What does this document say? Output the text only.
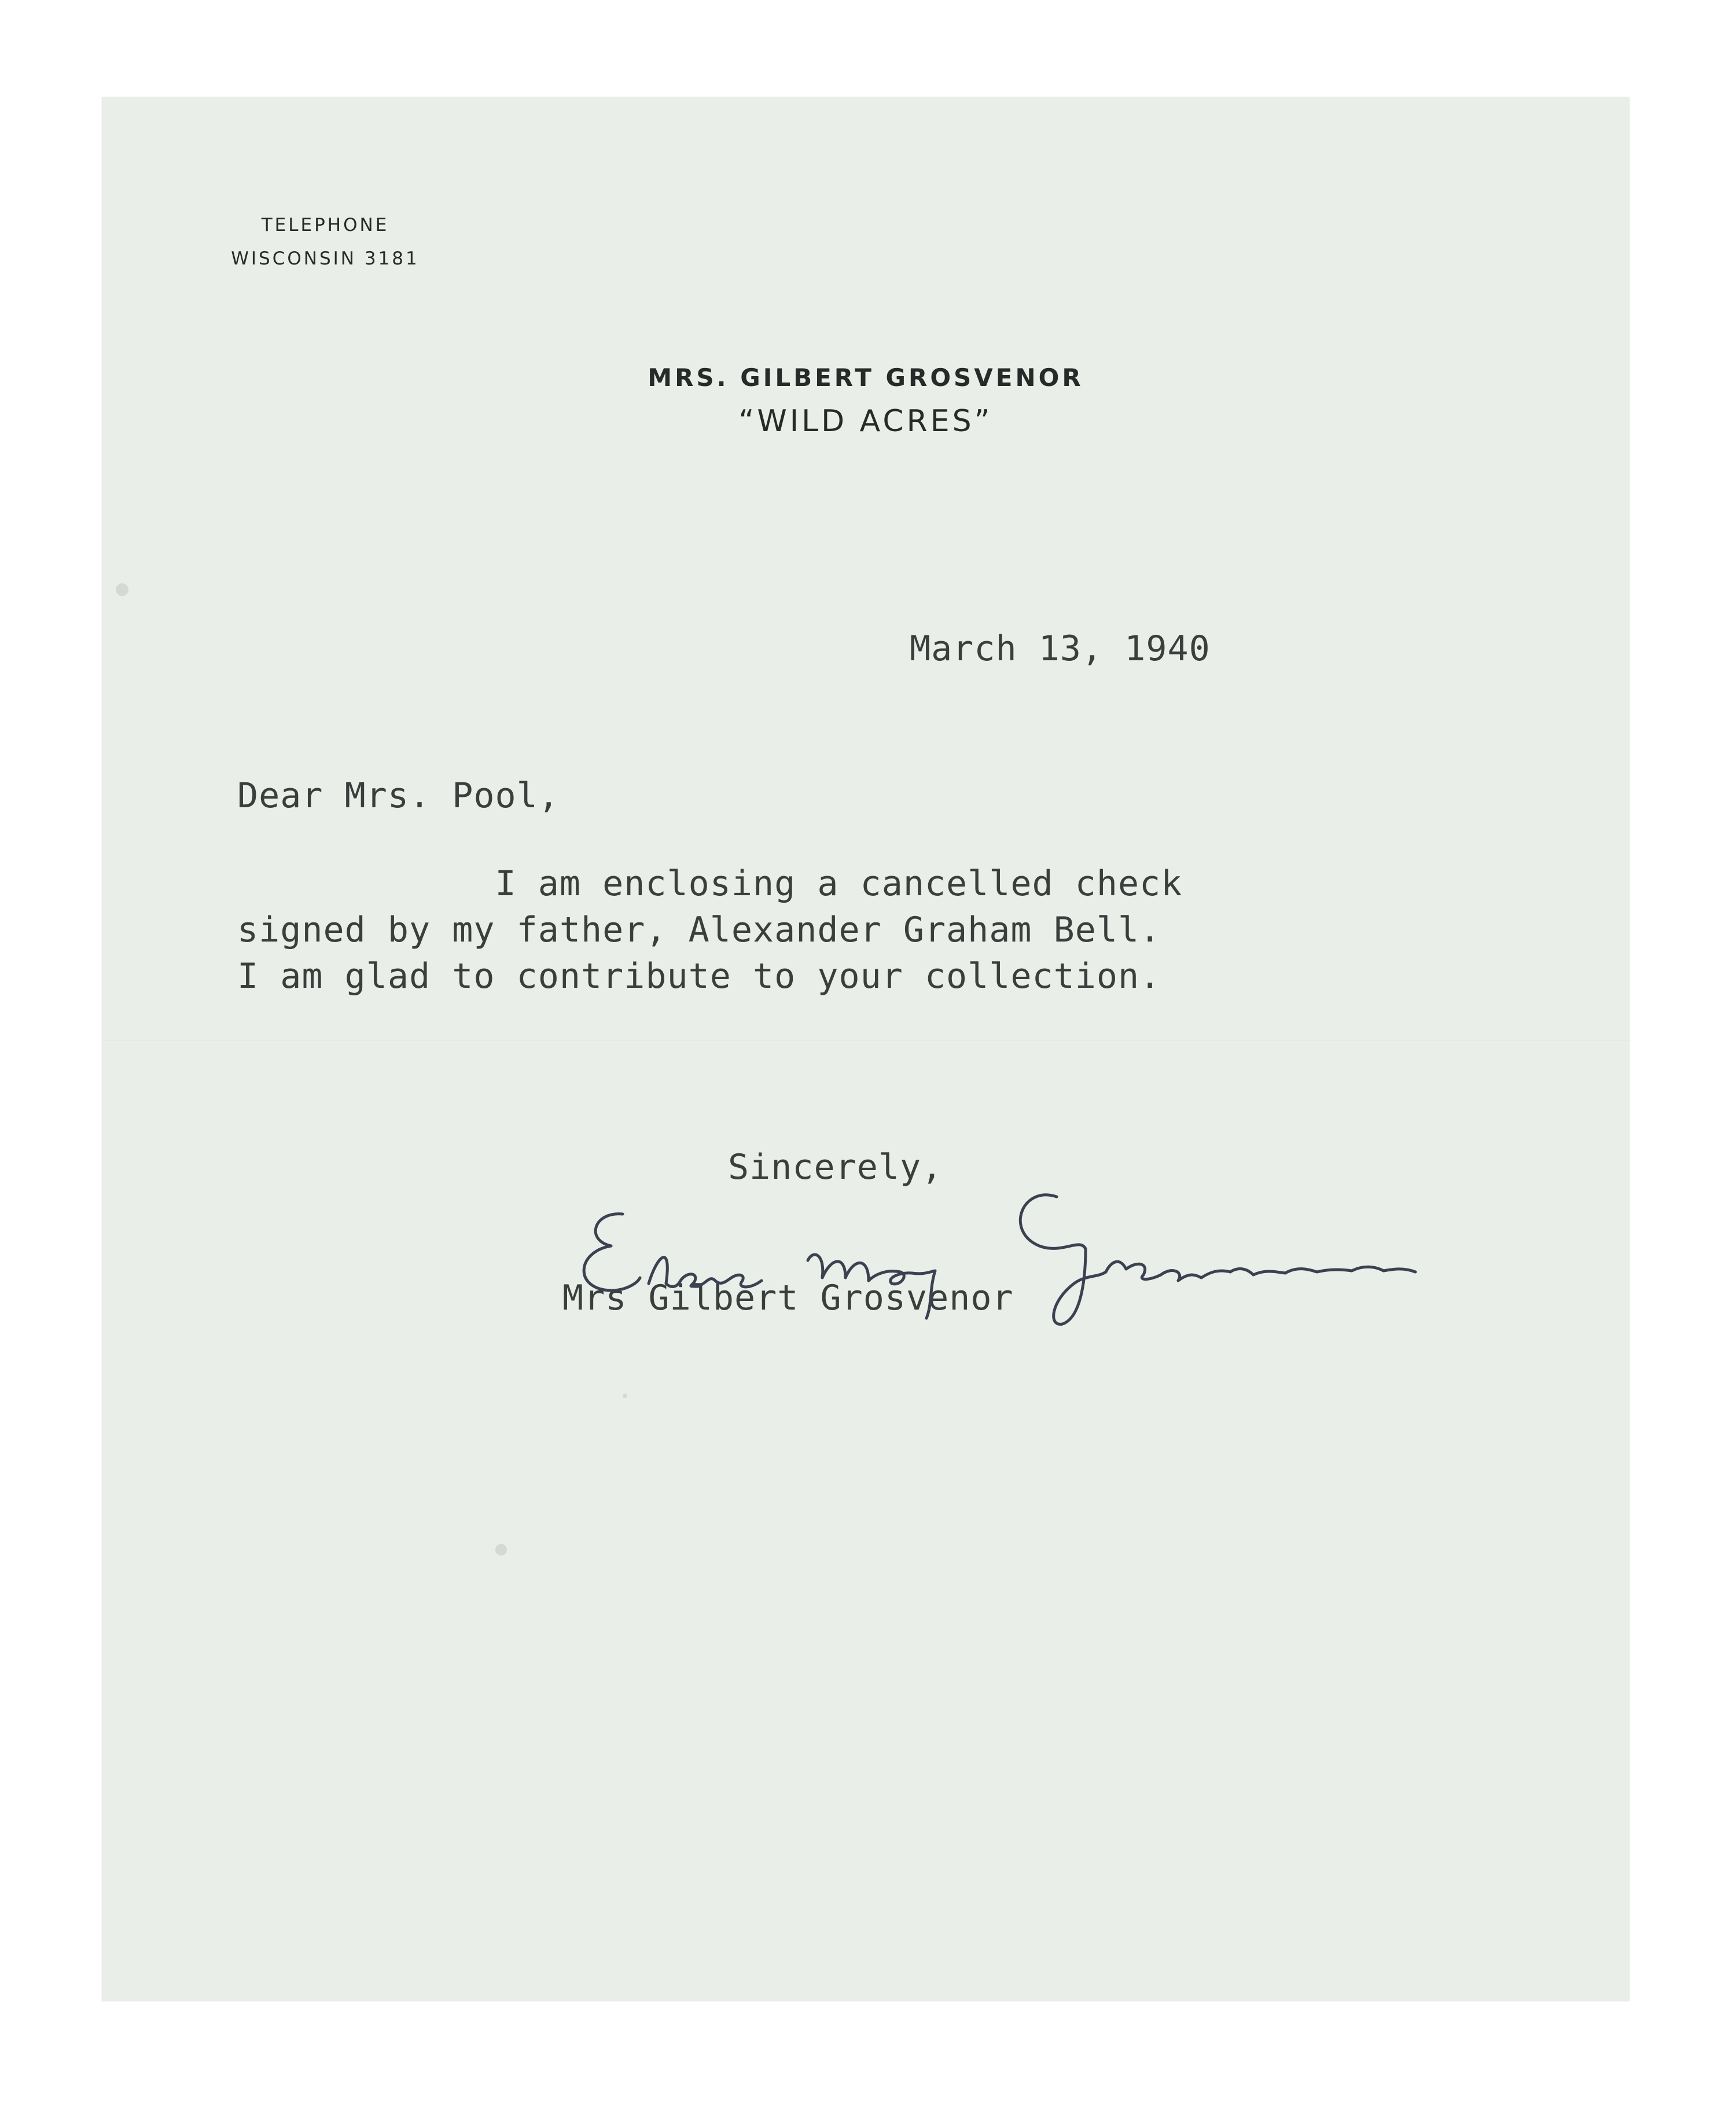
TELEPHONE
WISCONSIN 3181
MRS. GILBERT GROSVENOR
“WILD ACRES”
March 13, 1940
Dear Mrs. Pool,
I am enclosing a cancelled check
signed by my father, Alexander Graham Bell.
I am glad to contribute to your collection.
Sincerely,
Mrs Gilbert Grosvenor
